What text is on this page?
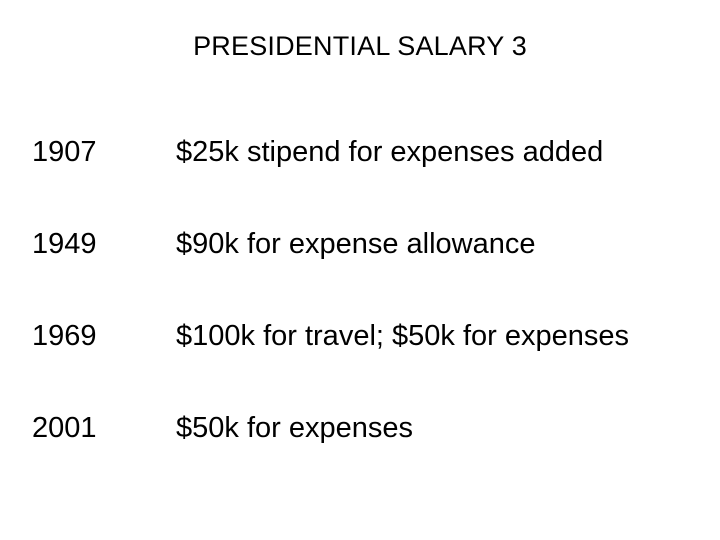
PRESIDENTIAL SALARY 3
1907	$25k stipend for expenses added
1949	$90k for expense allowance
1969	$100k for travel; $50k for expenses
2001	$50k for expenses
